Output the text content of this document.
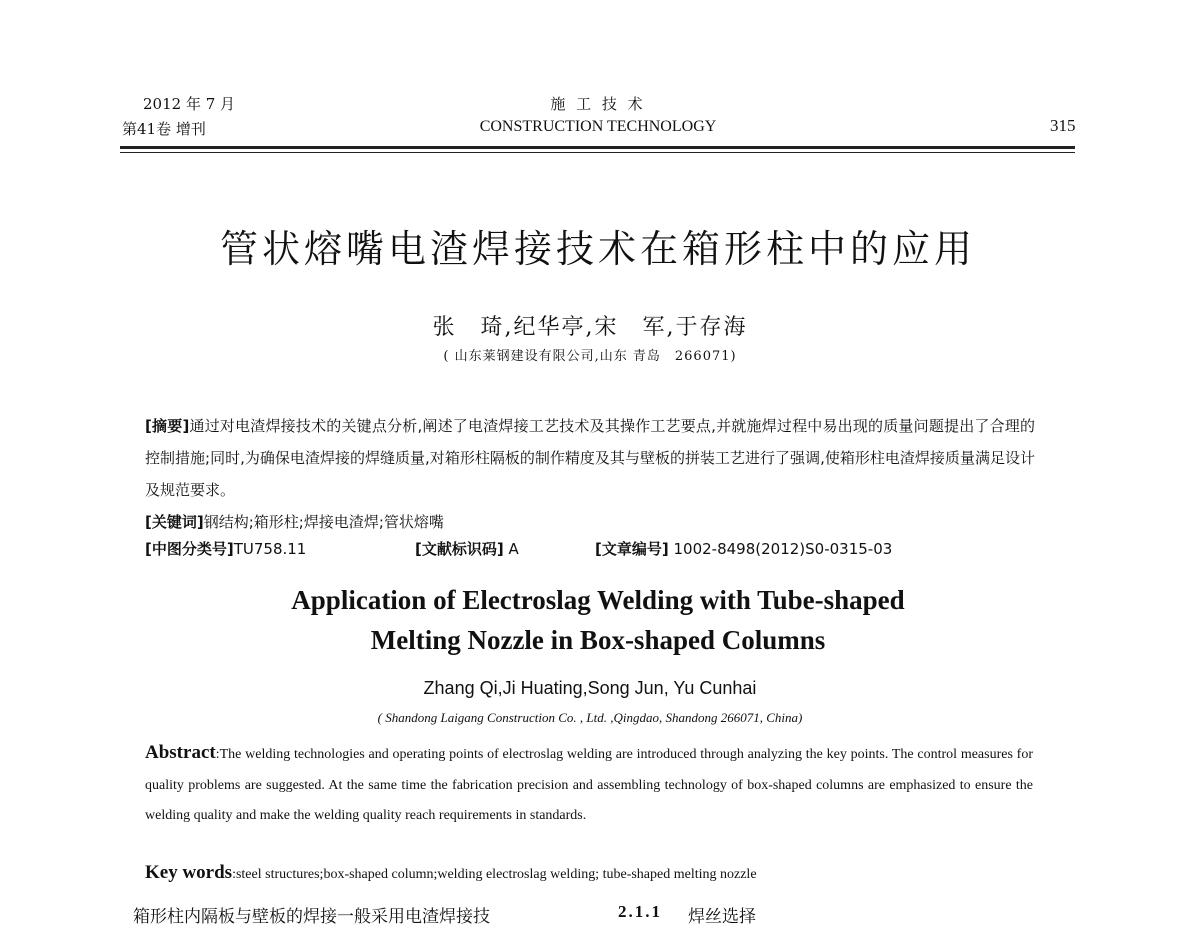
2012 年 7 月
第41卷 增刊
施 工 技 术
CONSTRUCTION TECHNOLOGY	315
管状熔嘴电渣焊接技术在箱形柱中的应用
张　琦,纪华亭,宋　军,于存海
( 山东莱钢建设有限公司,山东 青岛　266071)
[摘要]通过对电渣焊接技术的关键点分析,阐述了电渣焊接工艺技术及其操作工艺要点,并就施焊过程中易出现的质量问题提出了合理的控制措施;同时,为确保电渣焊接的焊缝质量,对箱形柱隔板的制作精度及其与壁板的拼装工艺进行了强调,使箱形柱电渣焊接质量满足设计及规范要求。
[关键词]钢结构;箱形柱;焊接电渣焊;管状熔嘴
[中图分类号]TU758.11	[文献标识码] A	[文章编号] 1002-8498(2012)S0-0315-03
Application of Electroslag Welding with Tube-shaped
Melting Nozzle in Box-shaped Columns
Zhang Qi,Ji Huating,Song Jun, Yu Cunhai
( Shandong Laigang Construction Co. , Ltd. ,Qingdao, Shandong 266071, China)
Abstract:The welding technologies and operating points of electroslag welding are introduced through analyzing the key points. The control measures for quality problems are suggested. At the same time the fabrication precision and assembling technology of box-shaped columns are emphasized to ensure the welding quality and make the welding quality reach requirements in standards.
Key words:steel structures;box-shaped column;welding electroslag welding; tube-shaped melting nozzle
箱形柱内隔板与壁板的焊接一般采用电渣焊接技	2.1.1 焊丝选择
